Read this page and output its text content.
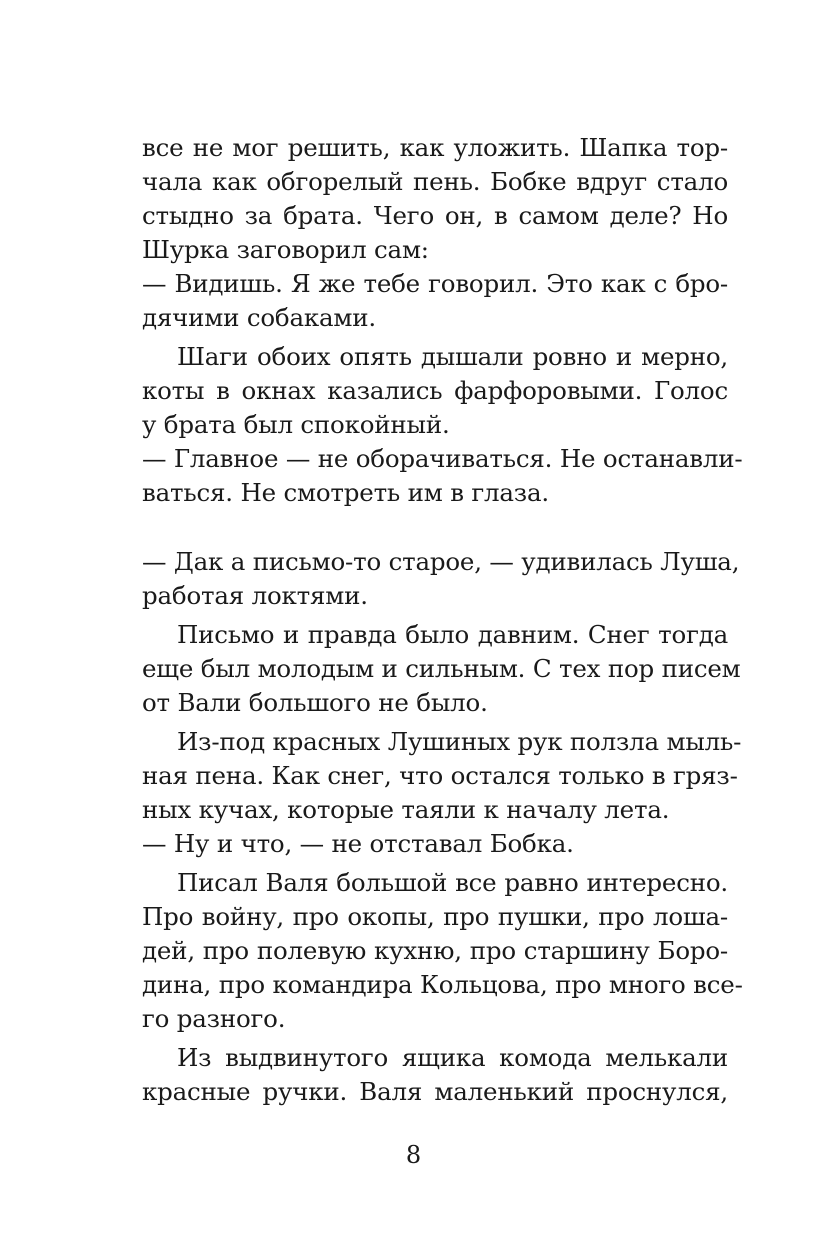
все не мог решить, как уложить. Шапка тор-
чала как обгорелый пень. Бобке вдруг стало
стыдно за брата. Чего он, в самом деле? Но
Шурка заговорил сам:
— Видишь. Я же тебе говорил. Это как с бро-
дячими собаками.
Шаги обоих опять дышали ровно и мерно,
коты в окнах казались фарфоровыми. Голос
у брата был спокойный.
— Главное — не оборачиваться. Не останавли-
ваться. Не смотреть им в глаза.
— Дак а письмо-то старое, — удивилась Луша,
работая локтями.
Письмо и правда было давним. Снег тогда
еще был молодым и сильным. С тех пор писем
от Вали большого не было.
Из-под красных Лушиных рук ползла мыль-
ная пена. Как снег, что остался только в гряз-
ных кучах, которые таяли к началу лета.
— Ну и что, — не отставал Бобка.
Писал Валя большой все равно интересно.
Про войну, про окопы, про пушки, про лоша-
дей, про полевую кухню, про старшину Боро-
дина, про командира Кольцова, про много все-
го разного.
Из выдвинутого ящика комода мелькали
красные ручки. Валя маленький проснулся,
8
